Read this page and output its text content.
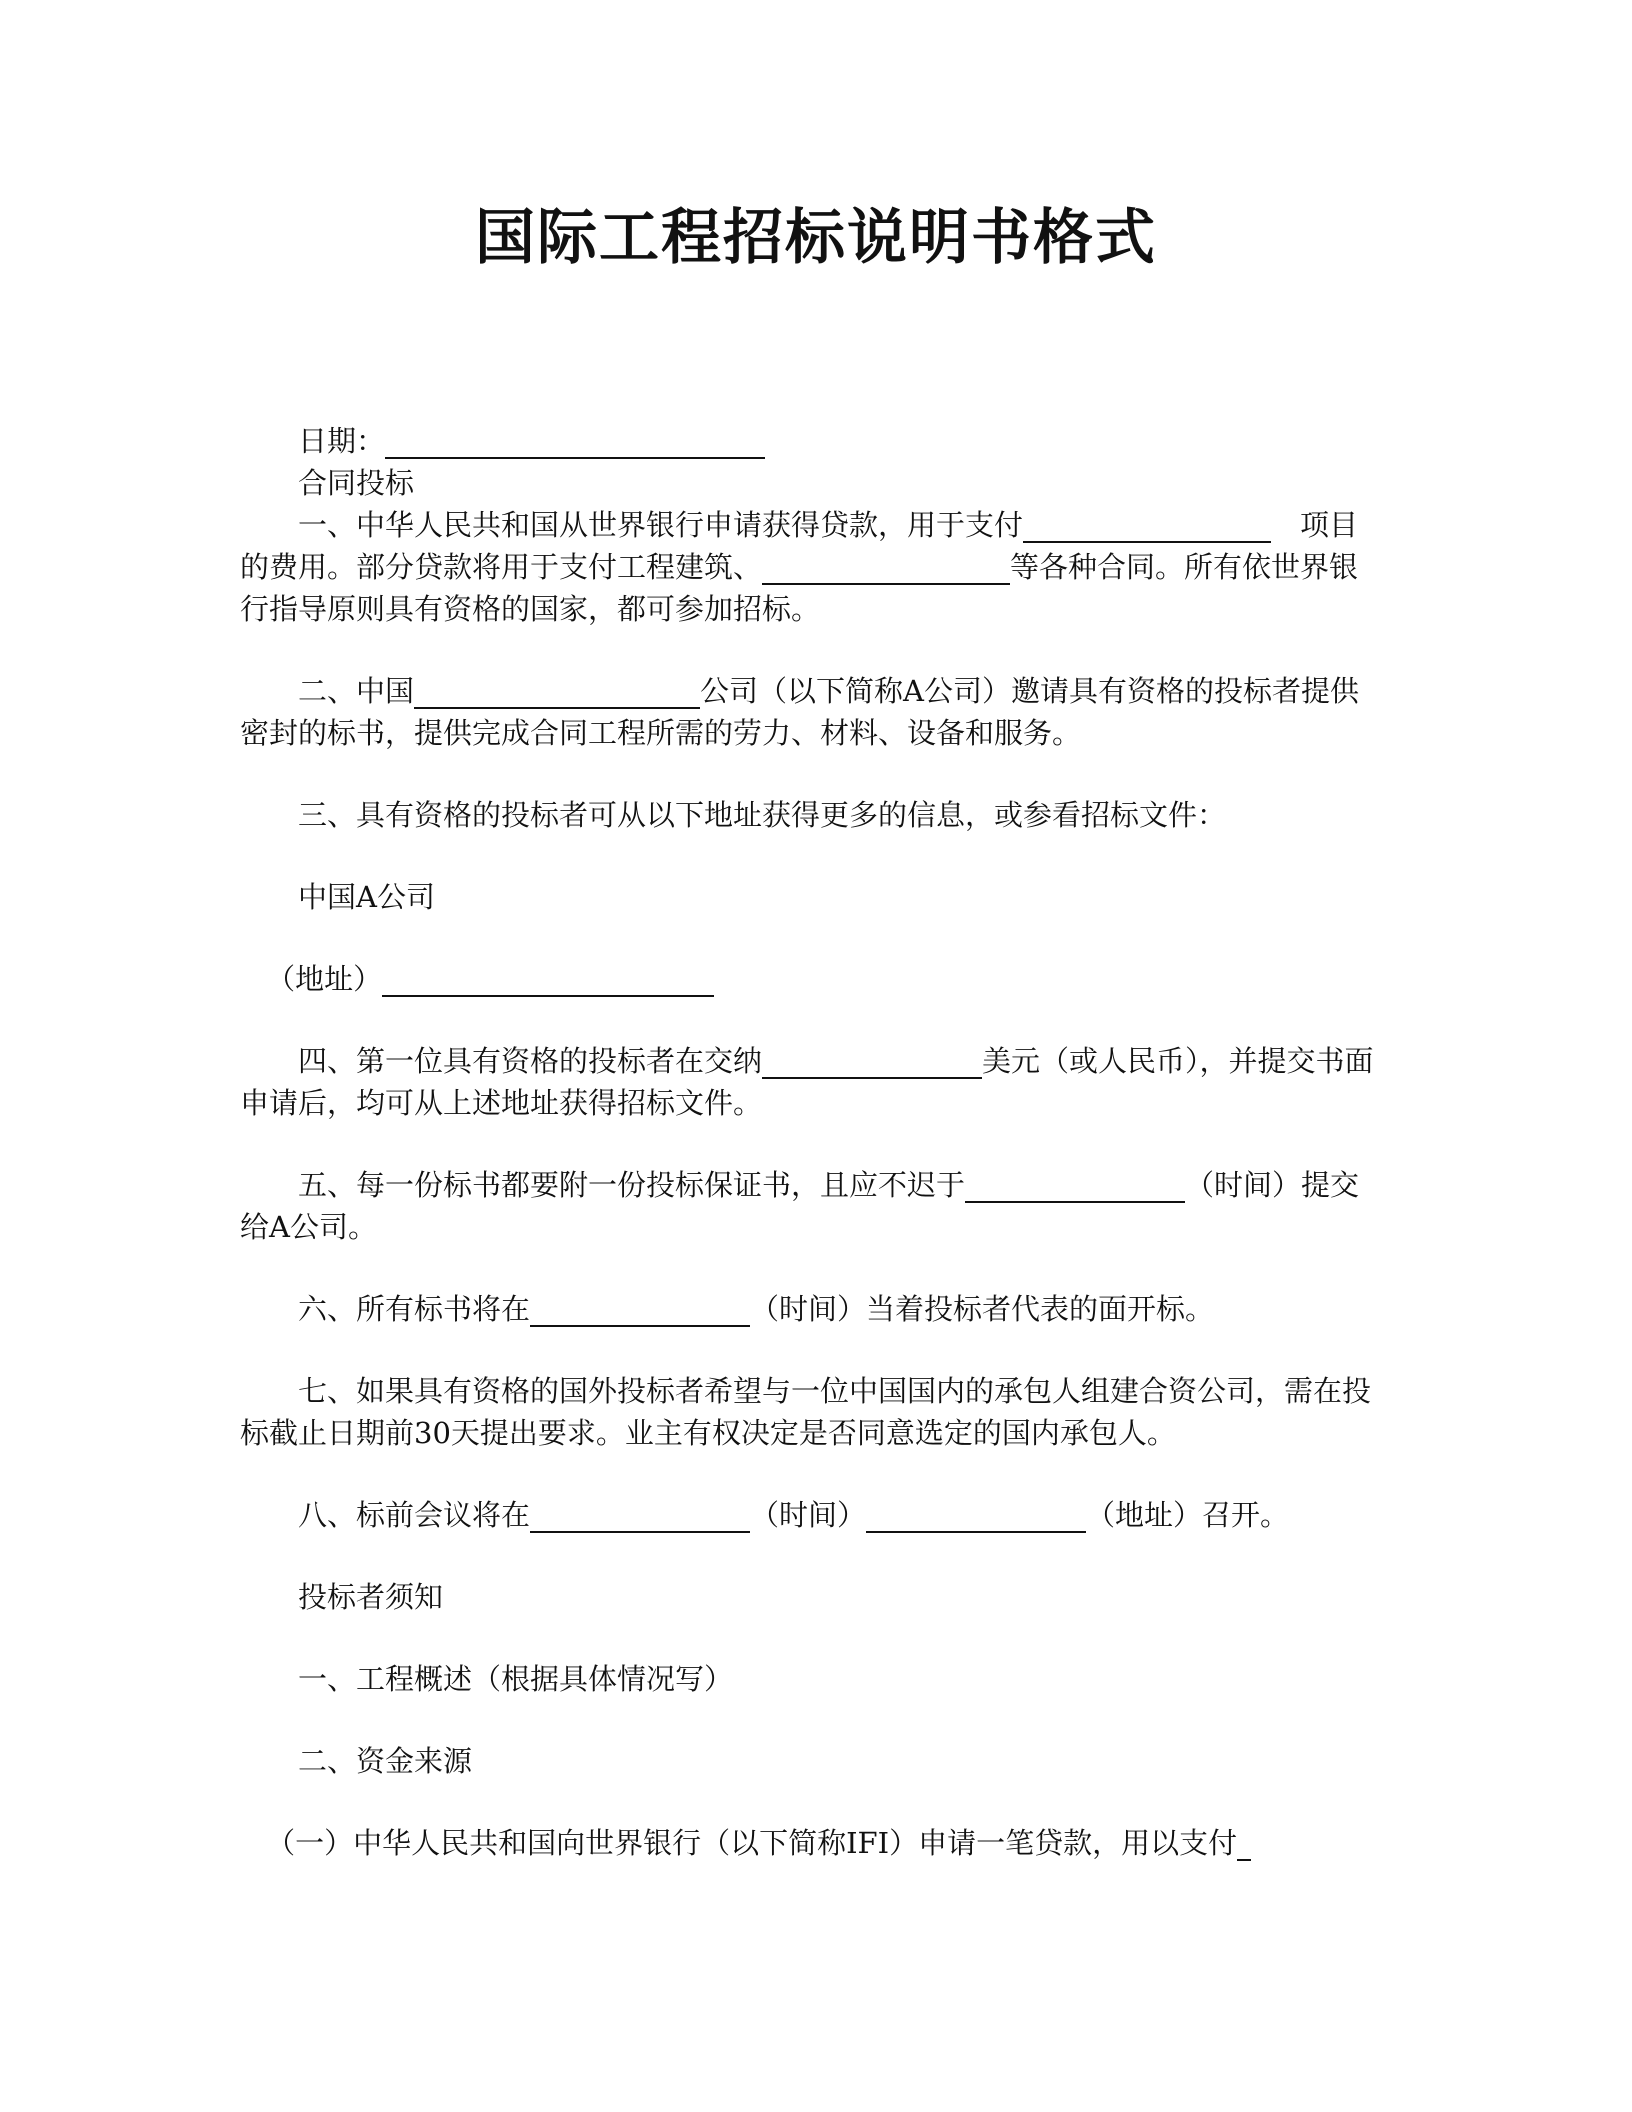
国际工程招标说明书格式

日期：

合同投标

一、中华人民共和国从世界银行申请获得贷款，用于支付　	项目的费用。部分贷款将用于支付工程建筑、	等各种合同。所有依世界银行指导原则具有资格的国家，都可参加招标。

二、中国	公司（以下简称A公司）邀请具有资格的投标者提供密封的标书，提供完成合同工程所需的劳力、材料、设备和服务。

三、具有资格的投标者可从以下地址获得更多的信息，或参看招标文件：

中国A公司

（地址）

四、第一位具有资格的投标者在交纳	美元（或人民币），并提交书面申请后，均可从上述地址获得招标文件。

五、每一份标书都要附一份投标保证书，且应不迟于	（时间）提交给A公司。

六、所有标书将在	（时间）当着投标者代表的面开标。

七、如果具有资格的国外投标者希望与一位中国国内的承包人组建合资公司，需在投标截止日期前30天提出要求。业主有权决定是否同意选定的国内承包人。

八、标前会议将在	（时间）	（地址）召开。

投标者须知

一、工程概述（根据具体情况写）

二、资金来源

（一）中华人民共和国向世界银行（以下简称IFI）申请一笔贷款，用以支付
